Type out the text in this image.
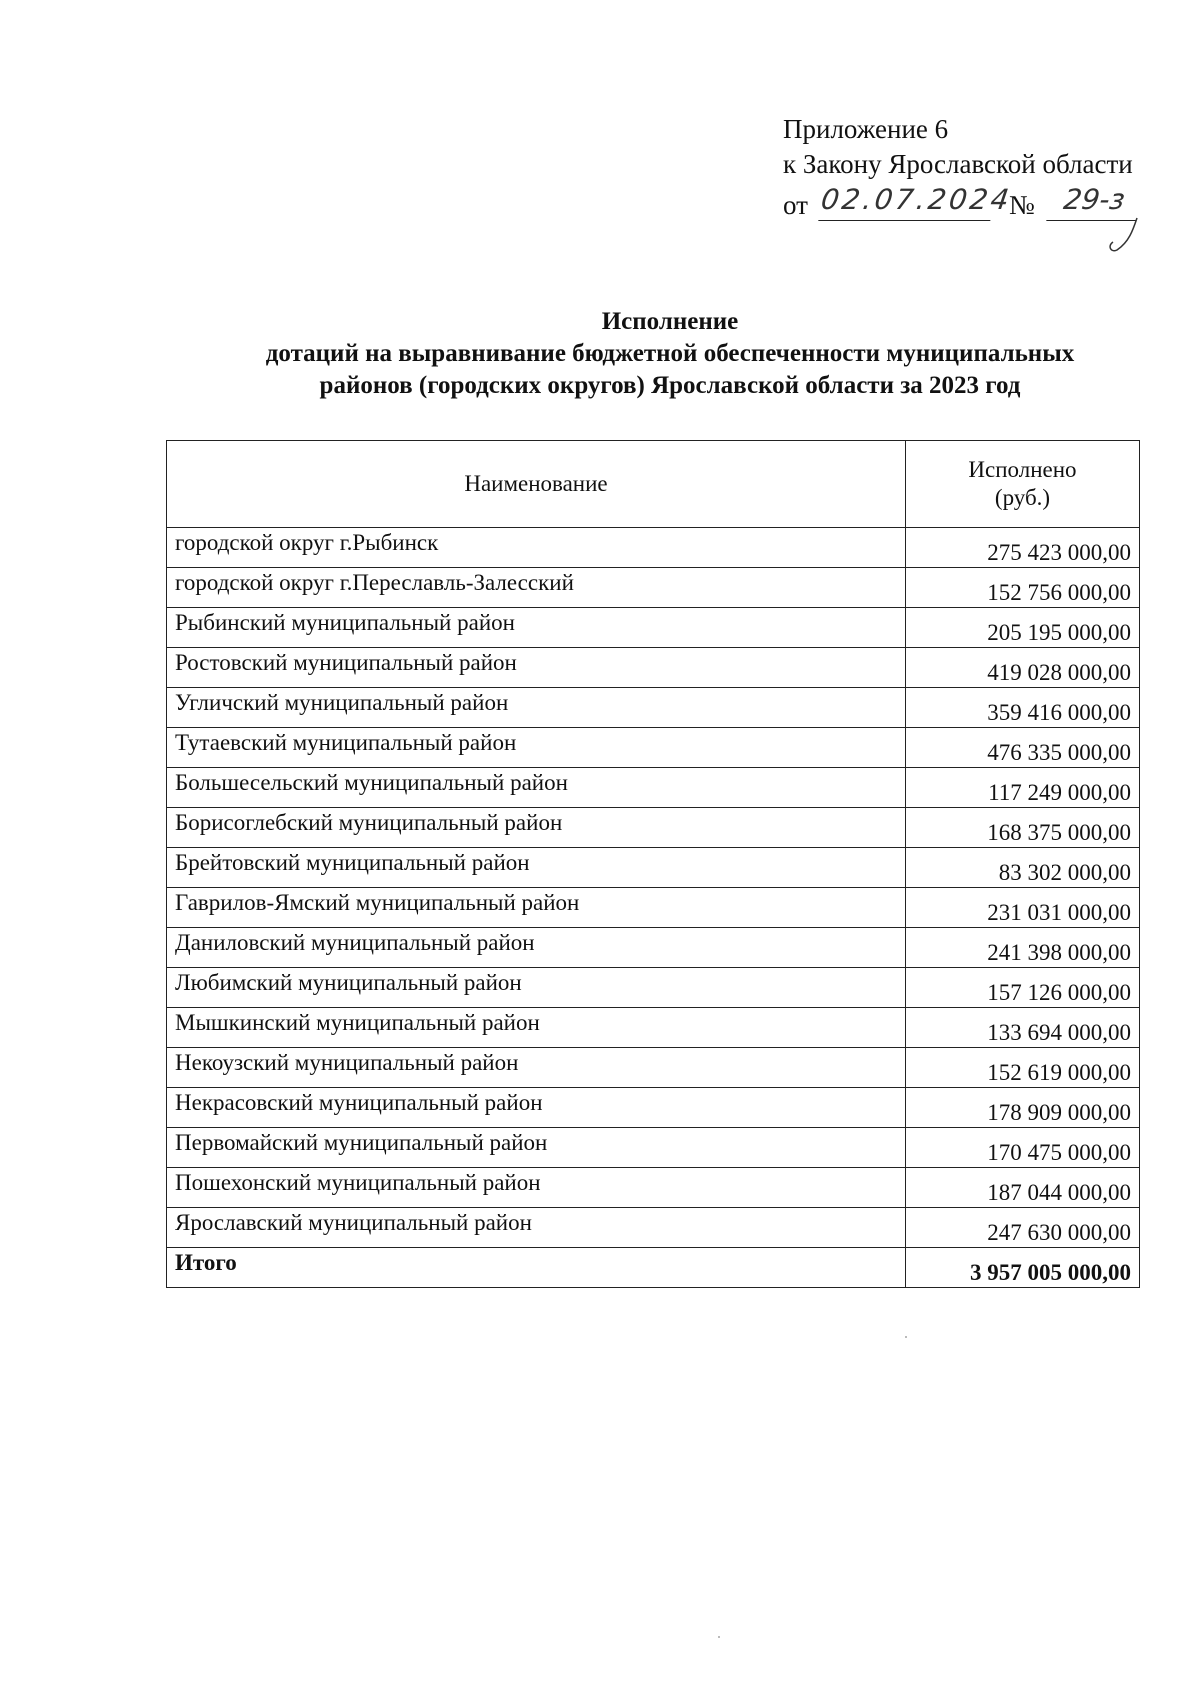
Приложение 6
к Закону Ярославской области
от 02.07.2024
№ 29-з
Исполнение
дотаций на выравнивание бюджетной обеспеченности муниципальных
районов (городских округов) Ярославской области за 2023 год
Наименование	Исполнено
(руб.)

городской округ г.Рыбинск	275 423 000,00
городской округ г.Переславль-Залесский	152 756 000,00
Рыбинский муниципальный район	205 195 000,00
Ростовский муниципальный район	419 028 000,00
Угличский муниципальный район	359 416 000,00
Тутаевский муниципальный район	476 335 000,00
Большесельский муниципальный район	117 249 000,00
Борисоглебский муниципальный район	168 375 000,00
Брейтовский муниципальный район	83 302 000,00
Гаврилов-Ямский муниципальный район	231 031 000,00
Даниловский муниципальный район	241 398 000,00
Любимский муниципальный район	157 126 000,00
Мышкинский муниципальный район	133 694 000,00
Некоузский муниципальный район	152 619 000,00
Некрасовский муниципальный район	178 909 000,00
Первомайский муниципальный район	170 475 000,00
Пошехонский муниципальный район	187 044 000,00
Ярославский муниципальный район	247 630 000,00
Итого	3 957 005 000,00
